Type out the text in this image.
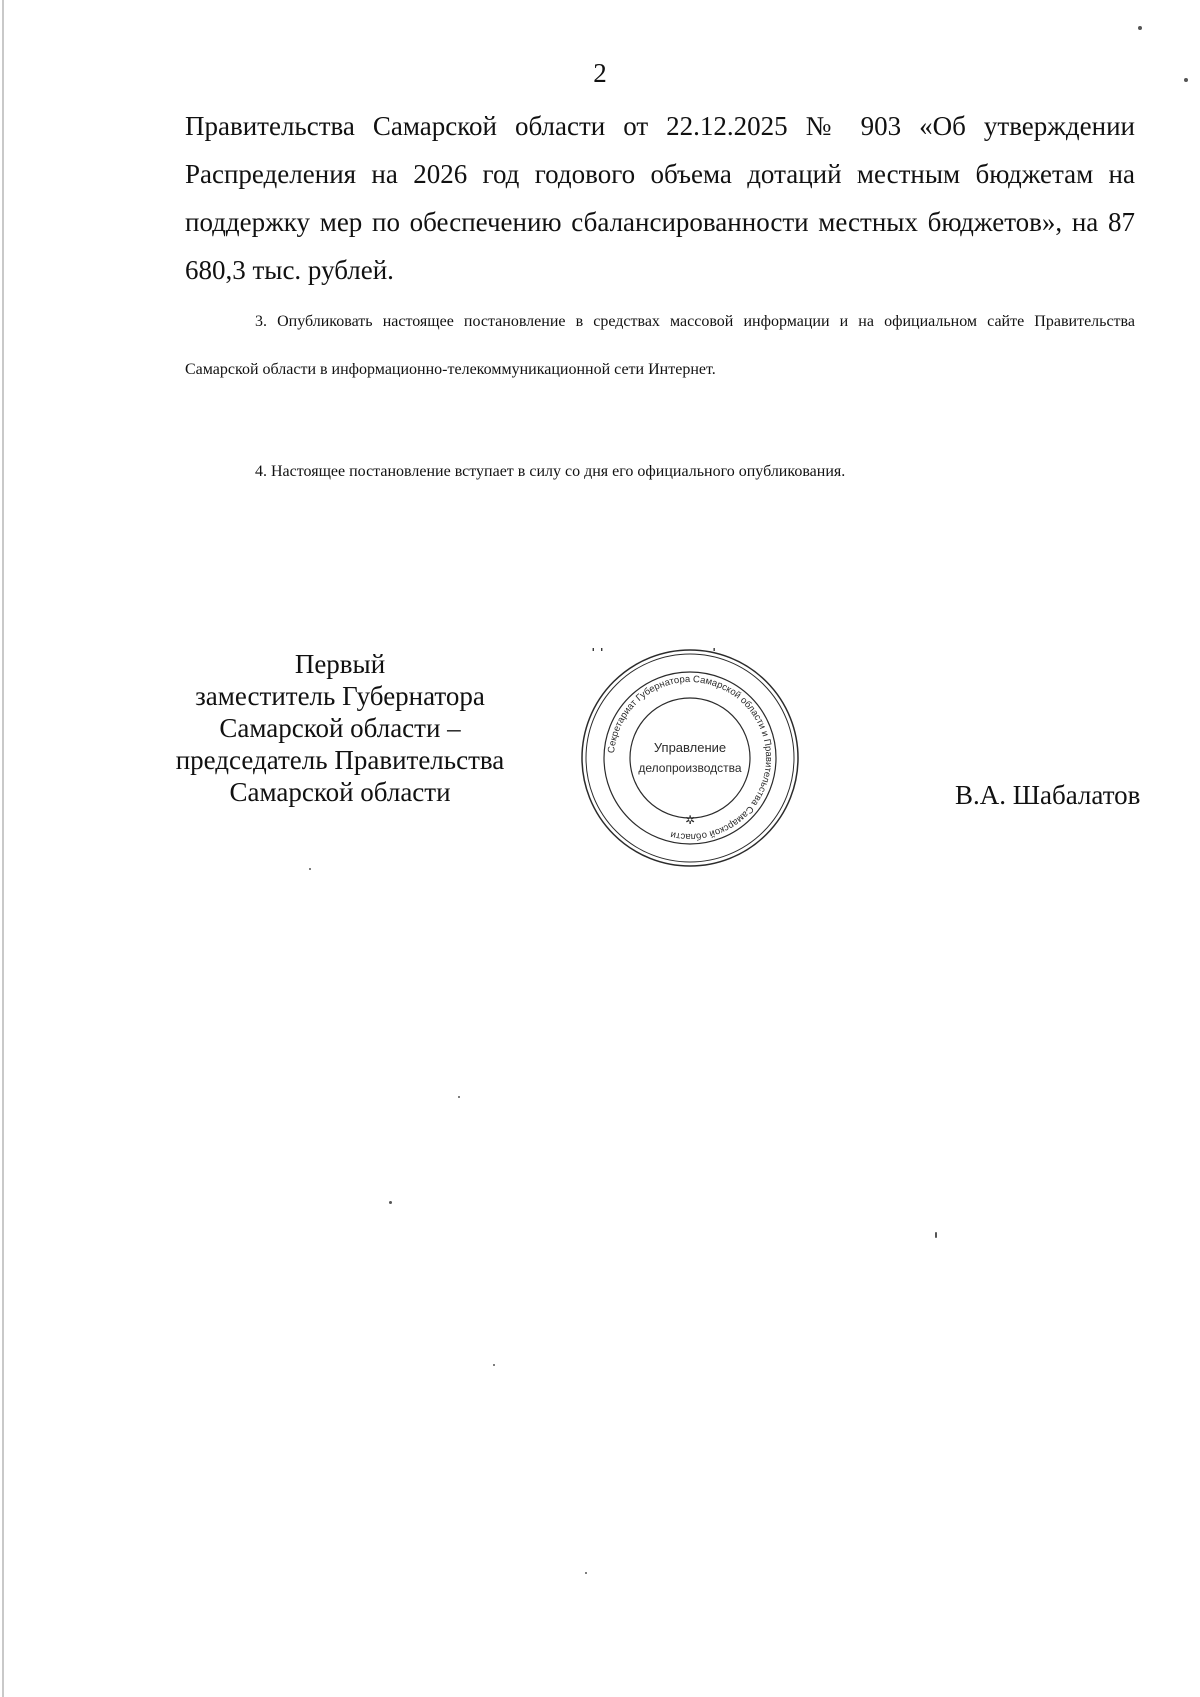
2

Правительства Самарской области от 22.12.2025 № 903 «Об утверждении Распределения на 2026 год годового объема дотаций местным бюджетам на поддержку мер по обеспечению сбалансированности местных бюджетов», на 87 680,3 тыс. рублей.

3. Опубликовать настоящее постановление в средствах массовой информации и на официальном сайте Правительства Самарской области в информационно-телекоммуникационной сети Интернет.

4. Настоящее постановление вступает в силу со дня его официального опубликования.

Первый
заместитель Губернатора
Самарской области –
председатель Правительства
Самарской области
Секретариат Губернатора Самарской области и Правительства Самарской области
Управление
делопроизводства
✲
В.А. Шабалатов
